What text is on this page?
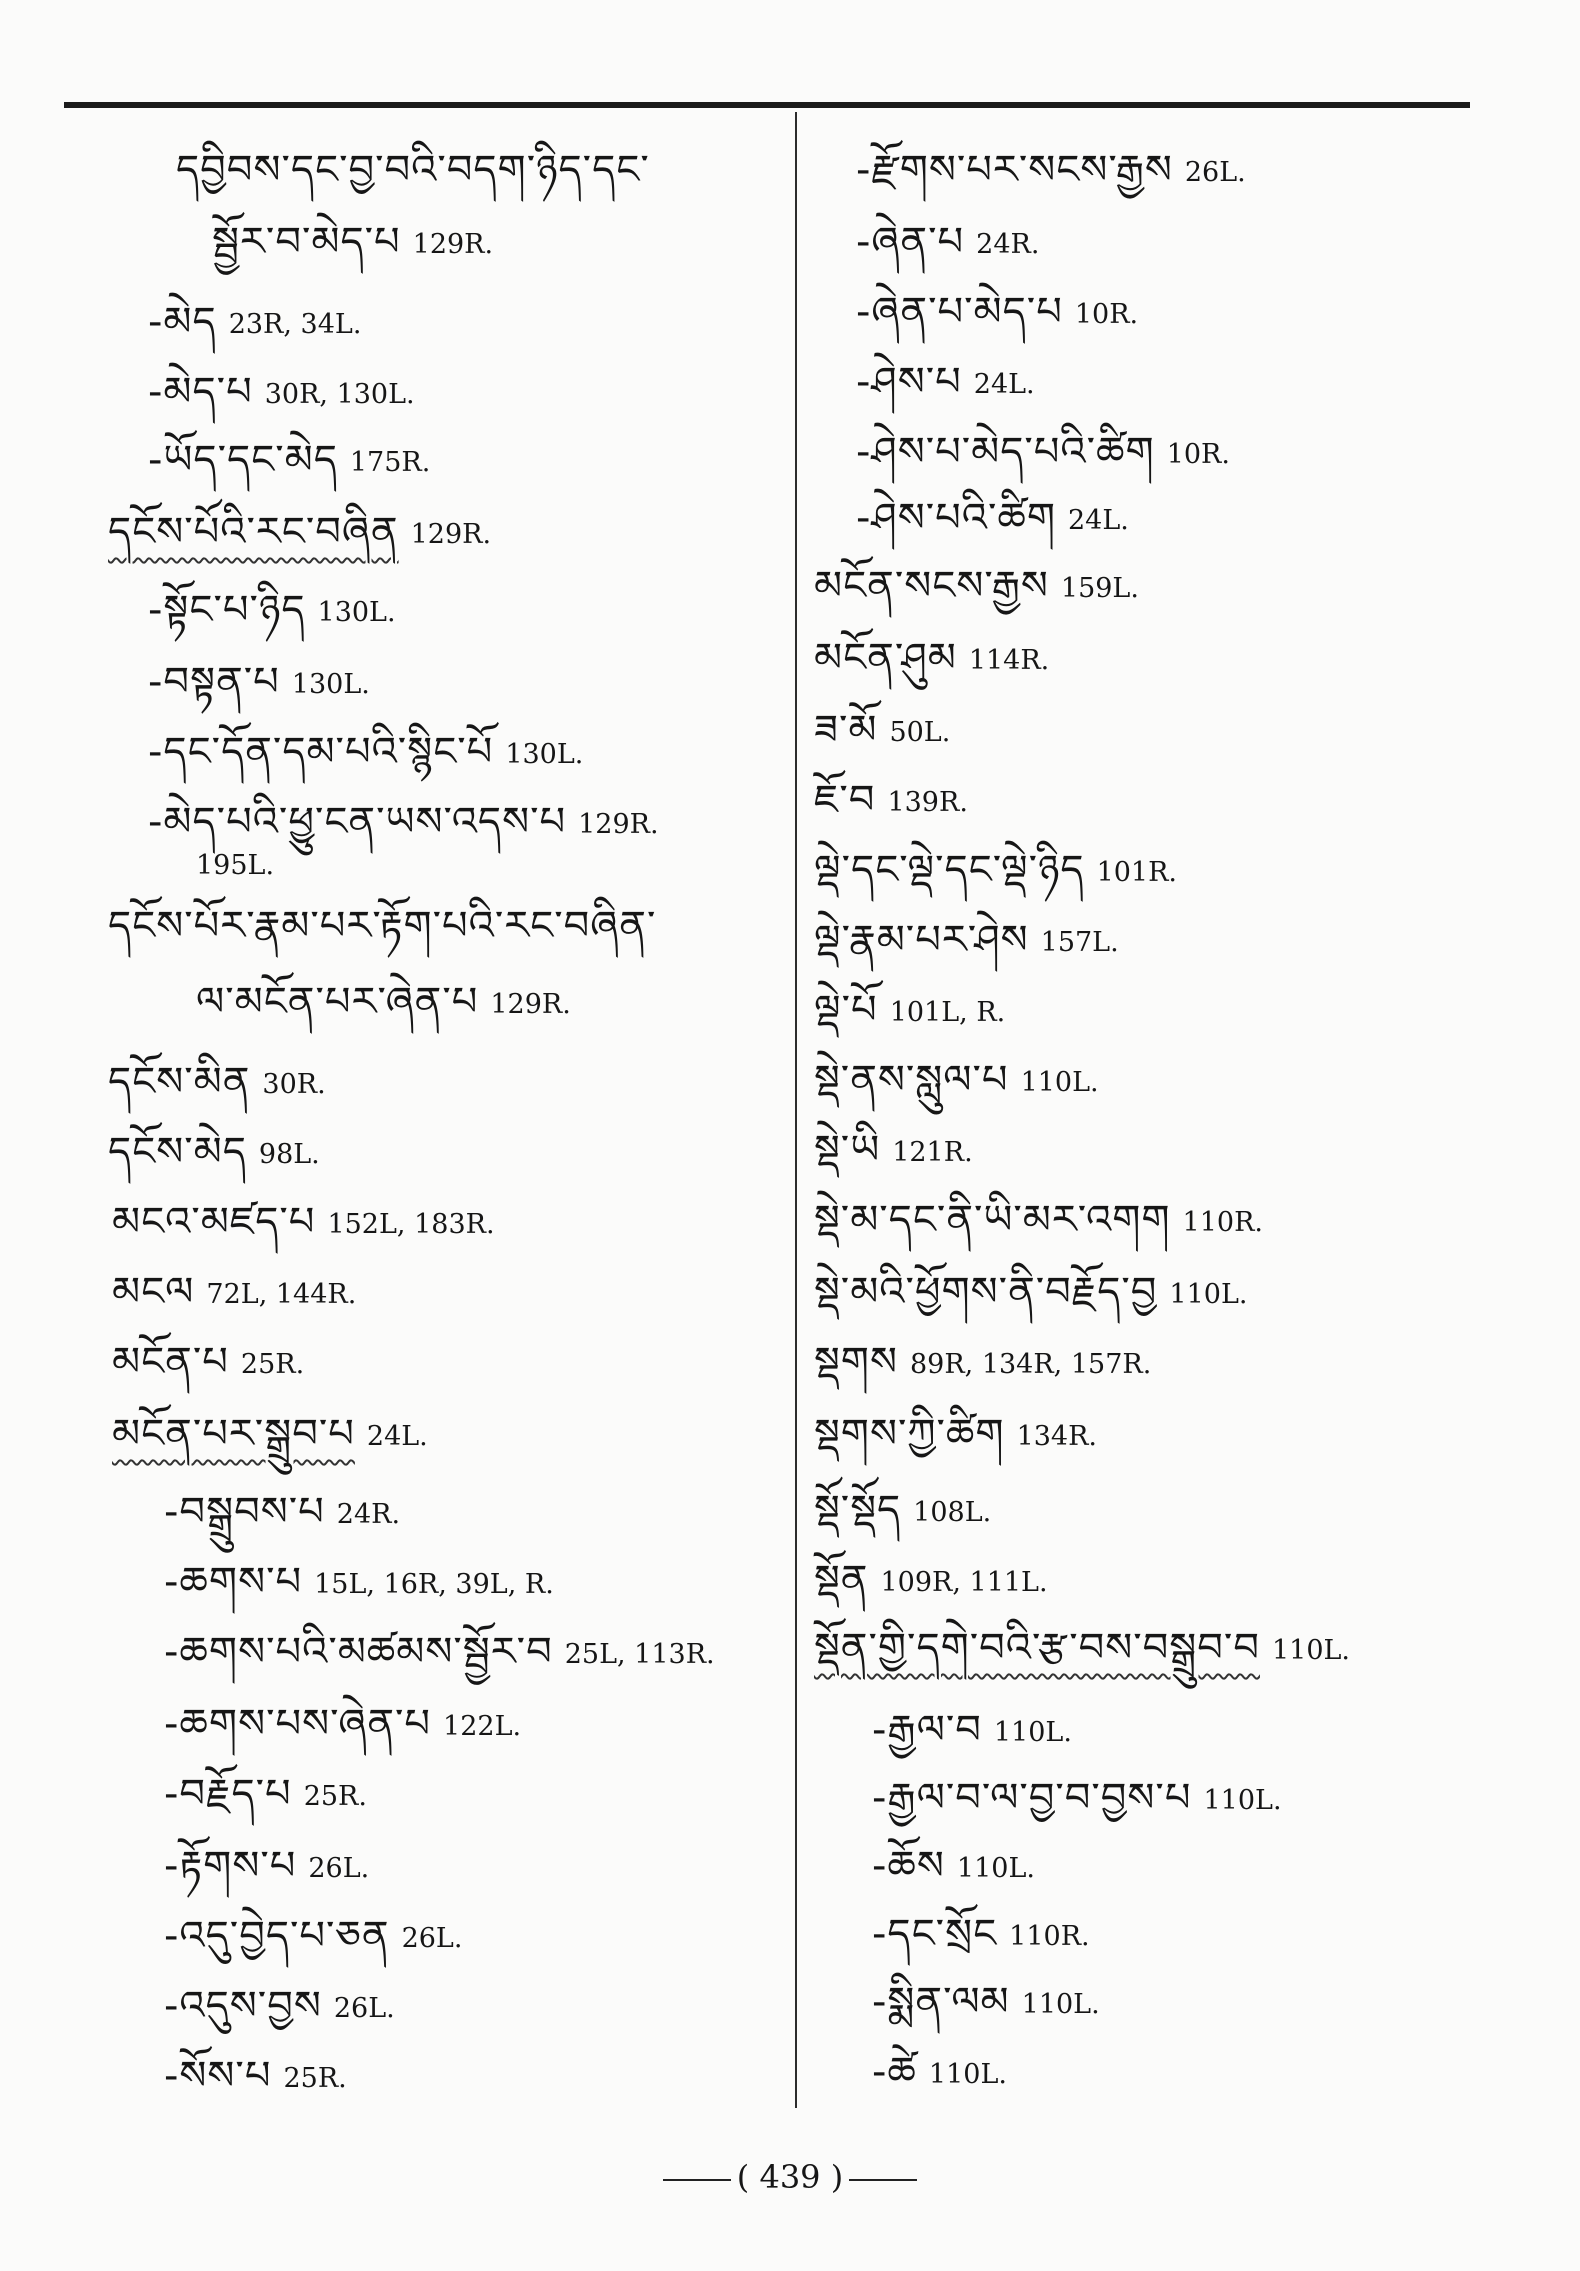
དབྱིབས་དང་བྱ་བའི་བདག་ཉིད་དང་
སྦྱོར་བ་མེད་པ 129R.
-མེད 23R, 34L.
-མེད་པ 30R, 130L.
-ཡོད་དང་མེད 175R.
དངོས་པོའི་རང་བཞིན 129R.
-སྟོང་པ་ཉིད 130L.
-བསྟན་པ 130L.
-དང་དོན་དམ་པའི་སྙིང་པོ 130L.
-མེད་པའི་ཕྱུ་ངན་ཡས་འདས་པ 129R.
དངོས་པོར་རྣམ་པར་རྟོག་པའི་རང་བཞིན་
ལ་མངོན་པར་ཞེན་པ 129R.
དངོས་མིན 30R.
དངོས་མེད 98L.
མངའ་མཛད་པ 152L, 183R.
མངལ 72L, 144R.
མངོན་པ 25R.
མངོན་པར་སྒྲུབ་པ 24L.
-བསྒྲུབས་པ 24R.
-ཆགས་པ 15L, 16R, 39L, R.
-ཆགས་པའི་མཚམས་སྦྱོར་བ 25L, 113R.
-ཆགས་པས་ཞེན་པ 122L.
-བརྗོད་པ 25R.
-རྟོགས་པ 26L.
-འདུ་བྱེད་པ་ཅན 26L.
-འདུས་བྱས 26L.
-སོས་པ 25R.
-རྫོགས་པར་སངས་རྒྱས 26L.
-ཞེན་པ 24R.
-ཞེན་པ་མེད་པ 10R.
-ཤེས་པ 24L.
-ཤེས་པ་མེད་པའི་ཚིག 10R.
-ཤེས་པའི་ཚིག 24L.
མངོན་སངས་རྒྱས 159L.
མངོན་ཤུམ 114R.
ཟ་མོ 50L.
ཇོ་བ 139R.
ལྡེ་དང་ལྡེ་དང་ལྡེ་ཉིད 101R.
ལྡེ་རྣམ་པར་ཤེས 157L.
ལྡེ་པོ 101L, R.
སྡེ་ནས་སླུལ་པ 110L.
སྡེ་ཡི 121R.
སྡེ་མ་དང་ནི་ཡི་མར་འགག 110R.
སྡེ་མའི་ཕྱོགས་ནི་བརྗོད་བྱ 110L.
སྡགས 89R, 134R, 157R.
སྡགས་ཀྱི་ཚིག 134R.
སྡོ་སྡོད 108L.
སྡོན 109R, 111L.
སྡོན་གྱི་དགེ་བའི་རྩ་བས་བསྒྲུབ་བ 110L.
-རྒྱལ་བ 110L.
-རྒྱལ་བ་ལ་བྱ་བ་བྱས་པ 110L.
-ཆོས 110L.
-དང་སྲོང 110R.
-སྨིན་ལམ 110L.
-ཚེ 110L.
195L.
( 439 )
